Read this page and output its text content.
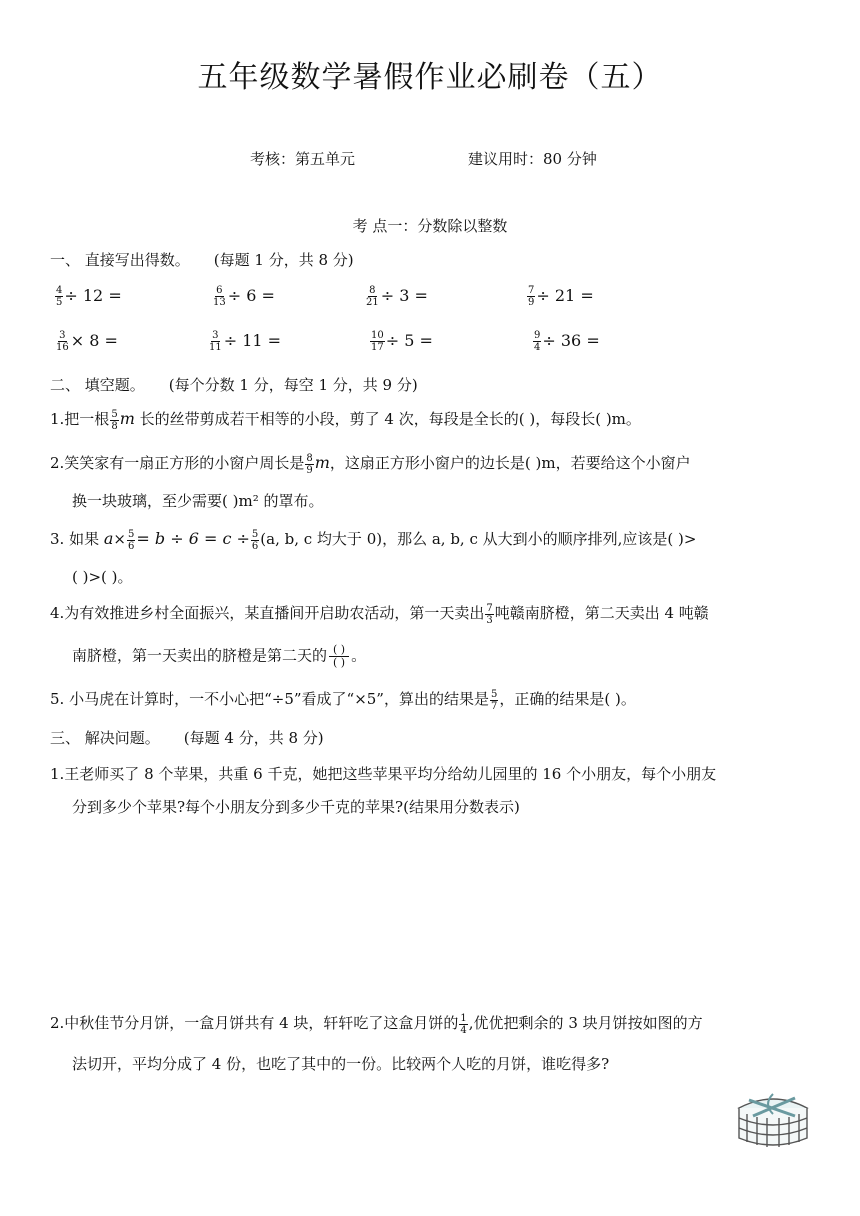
五年级数学暑假作业必刷卷（五）
考核：第五单元	建议用时：80 分钟
考 点一：分数除以整数
一、 直接写出得数。 (每题 1 分，共 8 分)
$\frac{4}{5} \div 12$ =	$\frac{6}{13} \div 6$ =	$\frac{8}{21} \div 3$ =	$\frac{7}{9} \div 21$ =
$\frac{3}{16} \times 8$ =	$\frac{3}{11} \div 11$ =	$\frac{10}{17} \div 5$ =	$\frac{9}{4} \div 36$ =
二、 填空题。 (每个分数 1 分，每空 1 分，共 9 分)
1.把一根 $\frac{5}{8}$ m 长的丝带剪成若干相等的小段，剪了 4 次，每段是全长的( )，每段长( )m。
2.笑笑家有一扇正方形的小窗户周长是 $\frac{8}{9}$ m，这扇正方形小窗户的边长是( )m，若要给这个小窗户
换一块玻璃，至少需要( )m² 的罩布。
3. 如果 $a\times \frac{5}{6} = b \div 6 = c \div \frac{5}{6} (a$, b, c 均大于 0)，那么 a, b, c 从大到小的顺序排列,应该是( )>
( )>( )。
4.为有效推进乡村全面振兴，某直播间开启助农活动，第一天卖出 $\frac{7}{3}$ 吨赣南脐橙，第二天卖出 4 吨赣
南脐橙，第一天卖出的脐橙是第二天的 ( )
( ) 。
5. 小马虎在计算时，一不小心把“÷5”看成了“×5”，算出的结果是 $\frac{5}{7}$ ，正确的结果是( )。
三、 解决问题。 (每题 4 分，共 8 分)
1.王老师买了 8 个苹果，共重 6 千克，她把这些苹果平均分给幼儿园里的 16 个小朋友，每个小朋友
分到多少个苹果?每个小朋友分到多少千克的苹果?(结果用分数表示)
2.中秋佳节分月饼，一盒月饼共有 4 块，轩轩吃了这盒月饼的 $\frac{1}{4}$ ,优优把剩余的 3 块月饼按如图的方
法切开，平均分成了 4 份，也吃了其中的一份。比较两个人吃的月饼，谁吃得多?
